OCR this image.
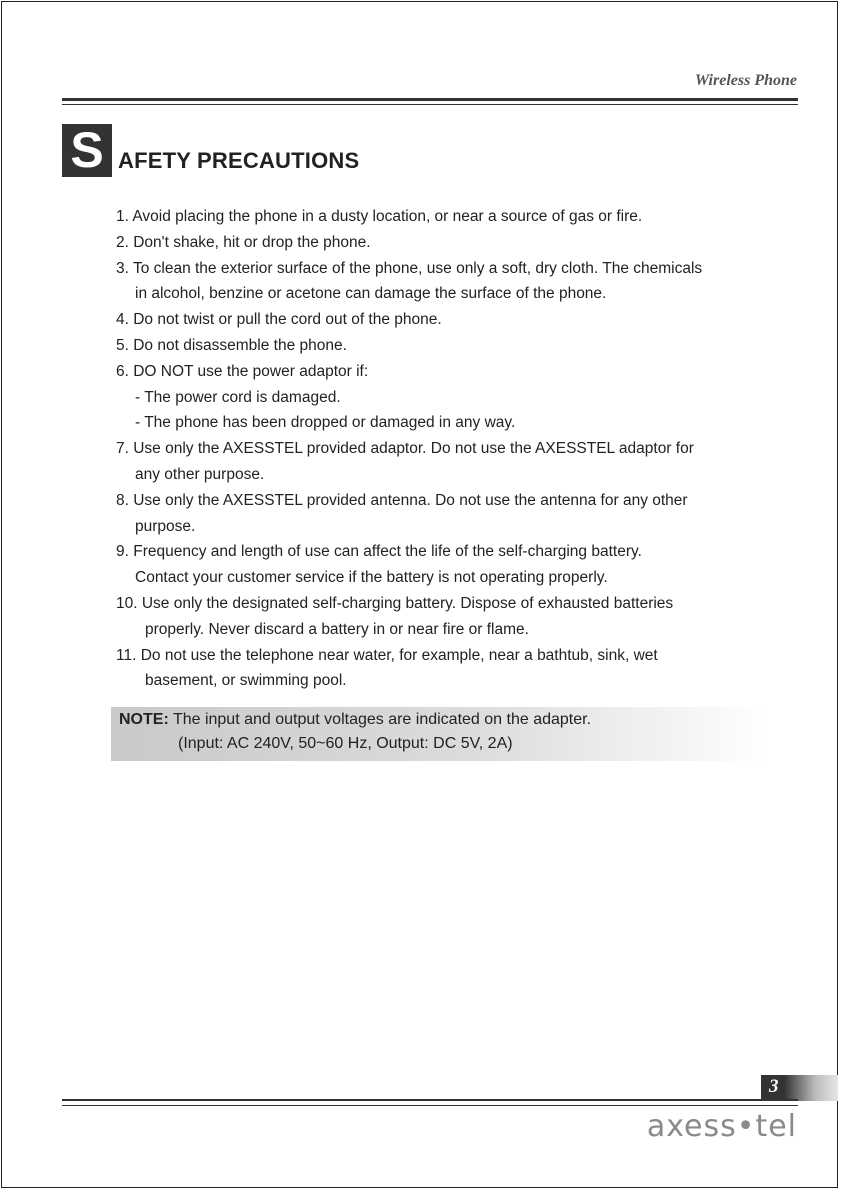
Wireless Phone
S AFETY PRECAUTIONS
1. Avoid placing the phone in a dusty location, or near a source of gas or fire.
2. Don't shake, hit or drop the phone.
3. To clean the exterior surface of the phone, use only a soft, dry cloth. The chemicals
in alcohol, benzine or acetone can damage the surface of the phone.
4. Do not twist or pull the cord out of the phone.
5. Do not disassemble the phone.
6. DO NOT use the power adaptor if:
- The power cord is damaged.
- The phone has been dropped or damaged in any way.
7. Use only the AXESSTEL provided adaptor. Do not use the AXESSTEL adaptor for
any other purpose.
8. Use only the AXESSTEL provided antenna. Do not use the antenna for any other
purpose.
9. Frequency and length of use can affect the life of the self-charging battery.
Contact your customer service if the battery is not operating properly.
10. Use only the designated self-charging battery. Dispose of exhausted batteries
properly. Never discard a battery in or near fire or flame.
11. Do not use the telephone near water, for example, near a bathtub, sink, wet
basement, or swimming pool.
NOTE: The input and output voltages are indicated on the adapter.
(Input: AC 240V, 50~60 Hz, Output: DC 5V, 2A)
3
axess•tel
